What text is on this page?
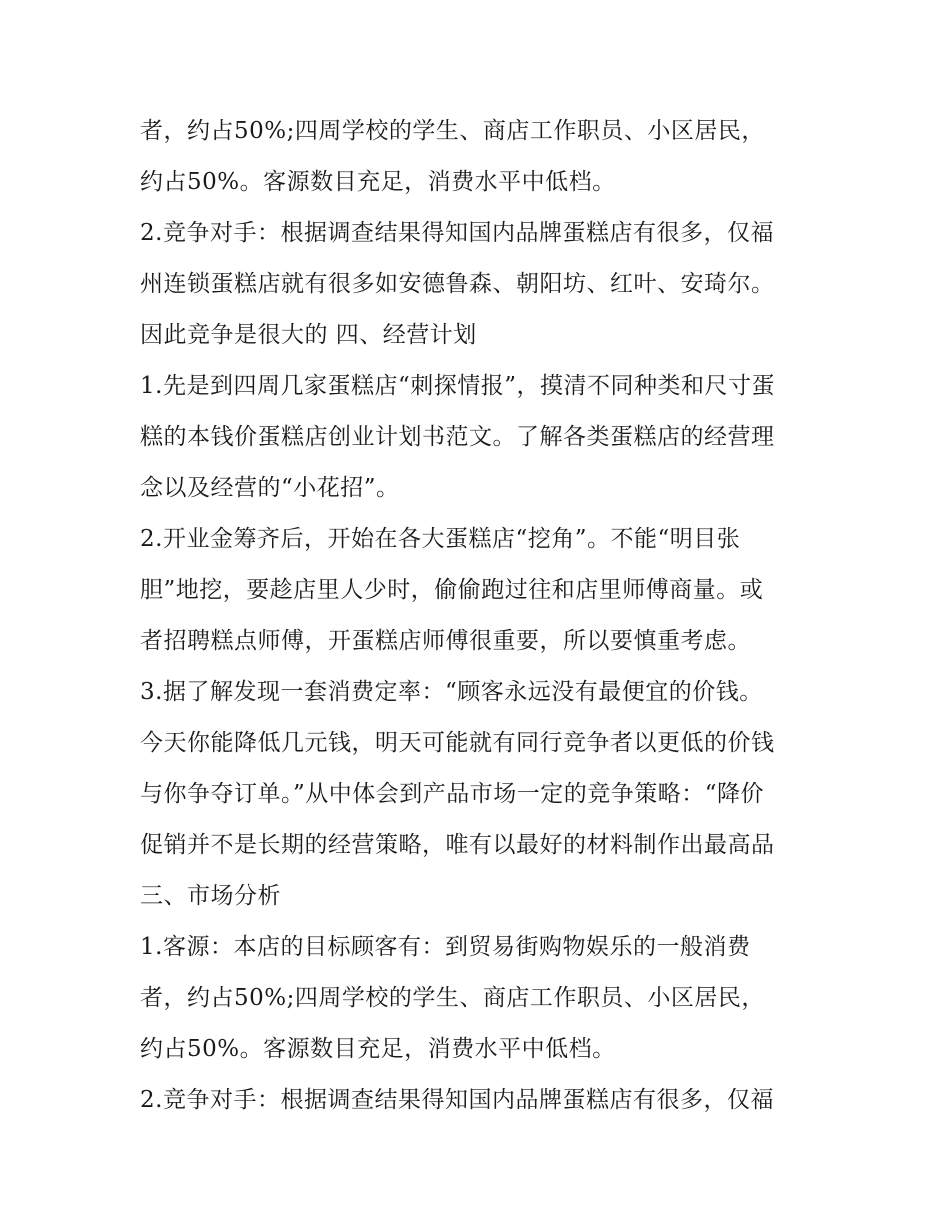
者，约占50%;四周学校的学生、商店工作职员、小区居民，
约占50%。客源数目充足，消费水平中低档。
2.竞争对手：根据调查结果得知国内品牌蛋糕店有很多，仅福
州连锁蛋糕店就有很多如安德鲁森、朝阳坊、红叶、安琦尔。
因此竞争是很大的 四、经营计划
1.先是到四周几家蛋糕店“刺探情报”，摸清不同种类和尺寸蛋
糕的本钱价蛋糕店创业计划书范文。了解各类蛋糕店的经营理
念以及经营的“小花招”。
2.开业金筹齐后，开始在各大蛋糕店“挖角”。不能“明目张
胆”地挖，要趁店里人少时，偷偷跑过往和店里师傅商量。或
者招聘糕点师傅，开蛋糕店师傅很重要，所以要慎重考虑。
3.据了解发现一套消费定率：“顾客永远没有最便宜的价钱。
今天你能降低几元钱，明天可能就有同行竞争者以更低的价钱
与你争夺订单。”从中体会到产品市场一定的竞争策略：“降价
促销并不是长期的经营策略，唯有以最好的材料制作出最高品
三、市场分析
1.客源：本店的目标顾客有：到贸易街购物娱乐的一般消费
者，约占50%;四周学校的学生、商店工作职员、小区居民，
约占50%。客源数目充足，消费水平中低档。
2.竞争对手：根据调查结果得知国内品牌蛋糕店有很多，仅福
